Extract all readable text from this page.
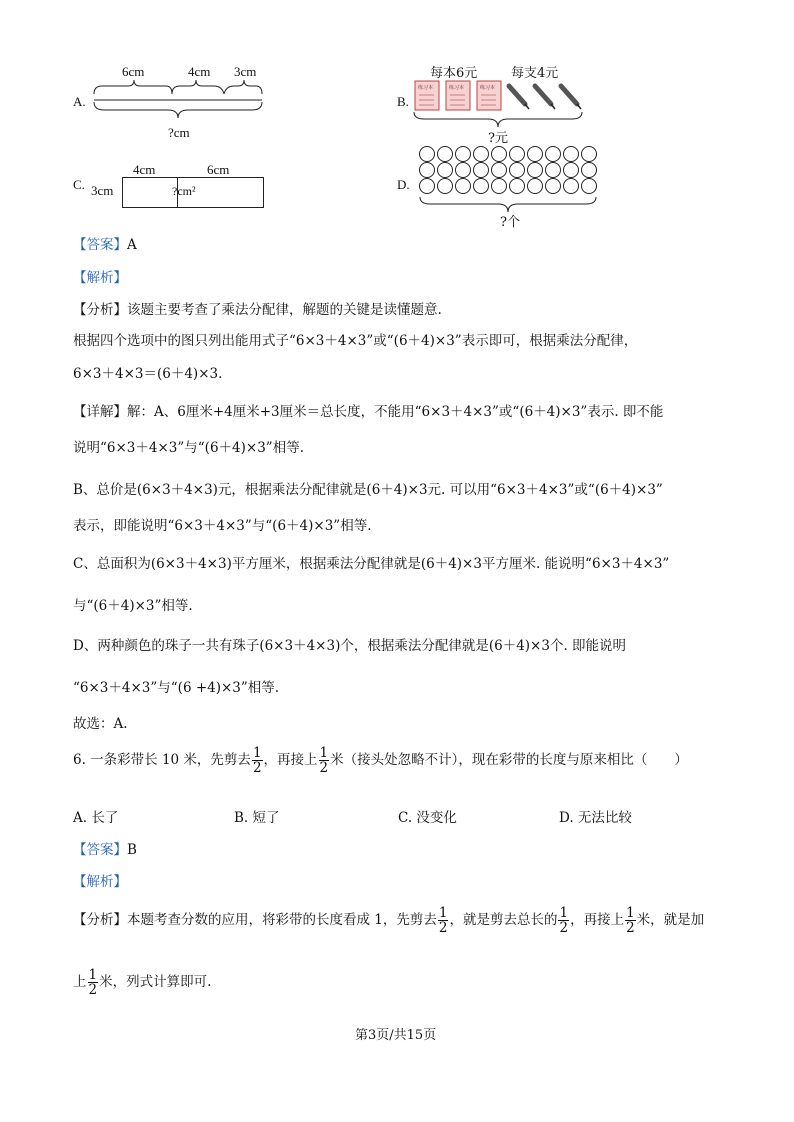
A.
6cm	4cm 3cm
?cm
B.
每本6元	每支4元
练习本	练习本	练习本
?元
C.
4cm	6cm
3cm	?cm²	D.
?个
【答案】A
【解析】
【分析】该题主要考查了乘法分配律，解题的关键是读懂题意.
根据四个选项中的图只列出能用式子“6×3＋4×3”或“(6＋4)×3”表示即可，根据乘法分配律，
6×3＋4×3＝(6＋4)×3.
【详解】解：A、6厘米+4厘米+3厘米＝总长度，不能用“6×3＋4×3”或“(6＋4)×3”表示. 即不能
说明“6×3＋4×3”与“(6＋4)×3”相等.
B、总价是(6×3＋4×3)元，根据乘法分配律就是(6＋4)×3元. 可以用“6×3＋4×3”或“(6＋4)×3”
表示，即能说明“6×3＋4×3”与“(6＋4)×3”相等.
C、总面积为(6×3＋4×3)平方厘米，根据乘法分配律就是(6＋4)×3平方厘米. 能说明“6×3＋4×3”
与“(6＋4)×3”相等.
D、两种颜色的珠子一共有珠子(6×3＋4×3)个，根据乘法分配律就是(6＋4)×3个. 即能说明
“6×3＋4×3”与“(6 +4)×3”相等.
故选：A.
6. 一条彩带长 10 米，先剪去 $\frac{1}{2}$ ，再接上 $\frac{1}{2}$ 米（接头处忽略不计），现在彩带的长度与原来相比（　　）
A. 长了	B. 短了	C. 没变化	D. 无法比较
【答案】B
【解析】
【分析】本题考查分数的应用，将彩带的长度看成 1，先剪去 $\frac{1}{2}$ ，就是剪去总长的 $\frac{1}{2}$ ，再接上 $\frac{1}{2}$ 米，就是加
上 $\frac{1}{2}$ 米，列式计算即可.
第3页/共15页
